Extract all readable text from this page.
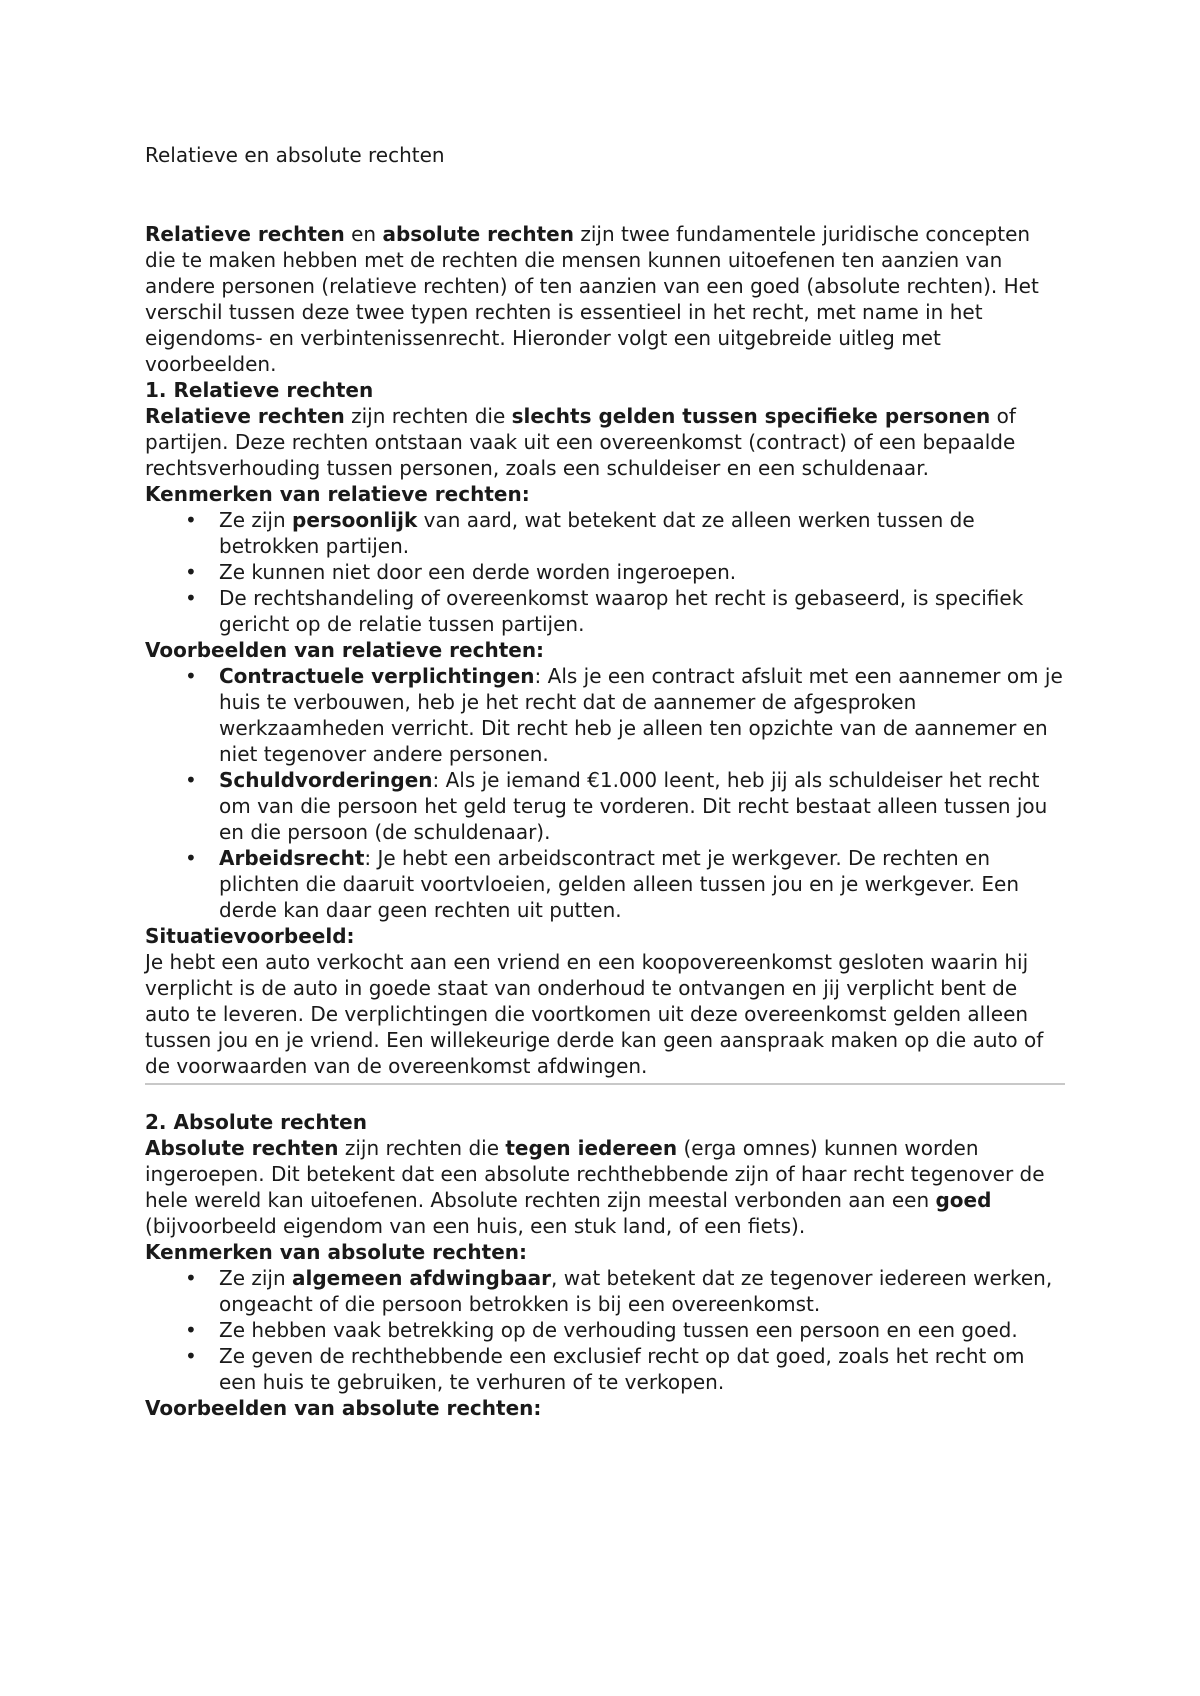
Relatieve en absolute rechten

Relatieve rechten en absolute rechten zijn twee fundamentele juridische concepten die te maken hebben met de rechten die mensen kunnen uitoefenen ten aanzien van andere personen (relatieve rechten) of ten aanzien van een goed (absolute rechten). Het verschil tussen deze twee typen rechten is essentieel in het recht, met name in het eigendoms- en verbintenissenrecht. Hieronder volgt een uitgebreide uitleg met voorbeelden.

1. Relatieve rechten

Relatieve rechten zijn rechten die slechts gelden tussen specifieke personen of partijen. Deze rechten ontstaan vaak uit een overeenkomst (contract) of een bepaalde rechtsverhouding tussen personen, zoals een schuldeiser en een schuldenaar.

Kenmerken van relatieve rechten:
• Ze zijn persoonlijk van aard, wat betekent dat ze alleen werken tussen de betrokken partijen.
• Ze kunnen niet door een derde worden ingeroepen.
• De rechtshandeling of overeenkomst waarop het recht is gebaseerd, is specifiek gericht op de relatie tussen partijen.
Voorbeelden van relatieve rechten:
• Contractuele verplichtingen: Als je een contract afsluit met een aannemer om je huis te verbouwen, heb je het recht dat de aannemer de afgesproken werkzaamheden verricht. Dit recht heb je alleen ten opzichte van de aannemer en niet tegenover andere personen.
• Schuldvorderingen: Als je iemand €1.000 leent, heb jij als schuldeiser het recht om van die persoon het geld terug te vorderen. Dit recht bestaat alleen tussen jou en die persoon (de schuldenaar).
• Arbeidsrecht: Je hebt een arbeidscontract met je werkgever. De rechten en plichten die daaruit voortvloeien, gelden alleen tussen jou en je werkgever. Een derde kan daar geen rechten uit putten.
Situatievoorbeeld:

Je hebt een auto verkocht aan een vriend en een koopovereenkomst gesloten waarin hij verplicht is de auto in goede staat van onderhoud te ontvangen en jij verplicht bent de auto te leveren. De verplichtingen die voortkomen uit deze overeenkomst gelden alleen tussen jou en je vriend. Een willekeurige derde kan geen aanspraak maken op die auto of de voorwaarden van de overeenkomst afdwingen.

2. Absolute rechten

Absolute rechten zijn rechten die tegen iedereen (erga omnes) kunnen worden ingeroepen. Dit betekent dat een absolute rechthebbende zijn of haar recht tegenover de hele wereld kan uitoefenen. Absolute rechten zijn meestal verbonden aan een goed (bijvoorbeeld eigendom van een huis, een stuk land, of een fiets).

Kenmerken van absolute rechten:
• Ze zijn algemeen afdwingbaar, wat betekent dat ze tegenover iedereen werken, ongeacht of die persoon betrokken is bij een overeenkomst.
• Ze hebben vaak betrekking op de verhouding tussen een persoon en een goed.
• Ze geven de rechthebbende een exclusief recht op dat goed, zoals het recht om een huis te gebruiken, te verhuren of te verkopen.
Voorbeelden van absolute rechten:
